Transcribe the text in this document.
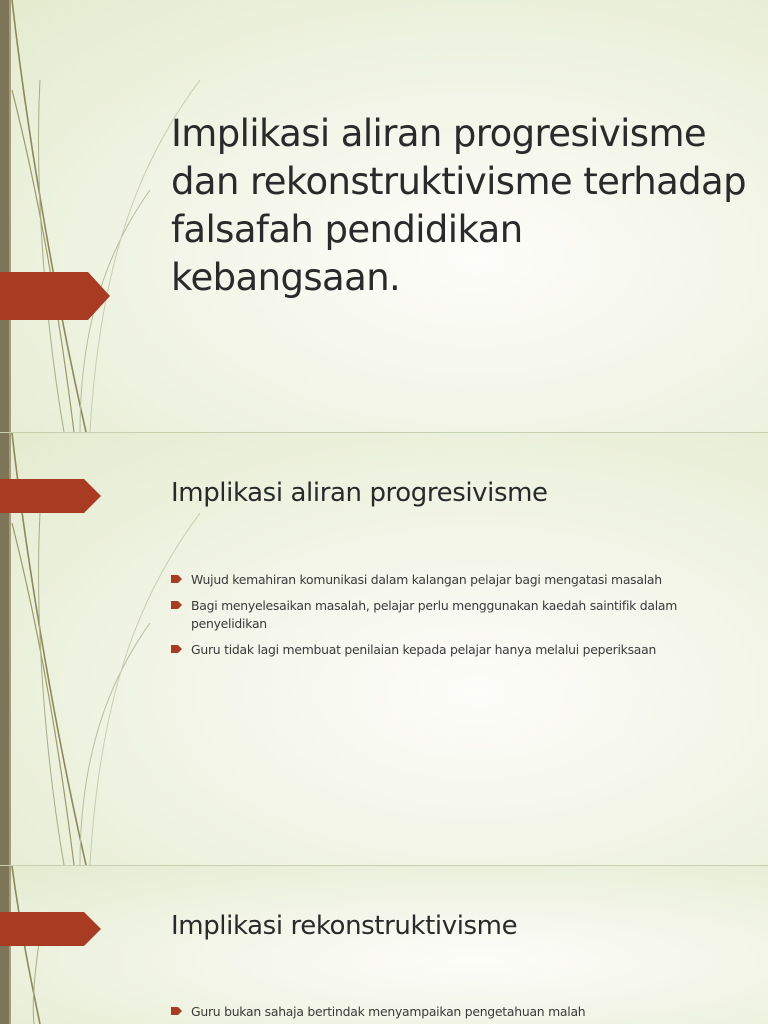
Implikasi aliran progresivisme dan rekonstruktivisme terhadap falsafah pendidikan kebangsaan.
Implikasi aliran progresivisme
Wujud kemahiran komunikasi dalam kalangan pelajar bagi mengatasi masalah
Bagi menyelesaikan masalah, pelajar perlu menggunakan kaedah saintifik dalam penyelidikan
Guru tidak lagi membuat penilaian kepada pelajar hanya melalui peperiksaan
Implikasi rekonstruktivisme
Guru bukan sahaja bertindak menyampaikan pengetahuan malah
